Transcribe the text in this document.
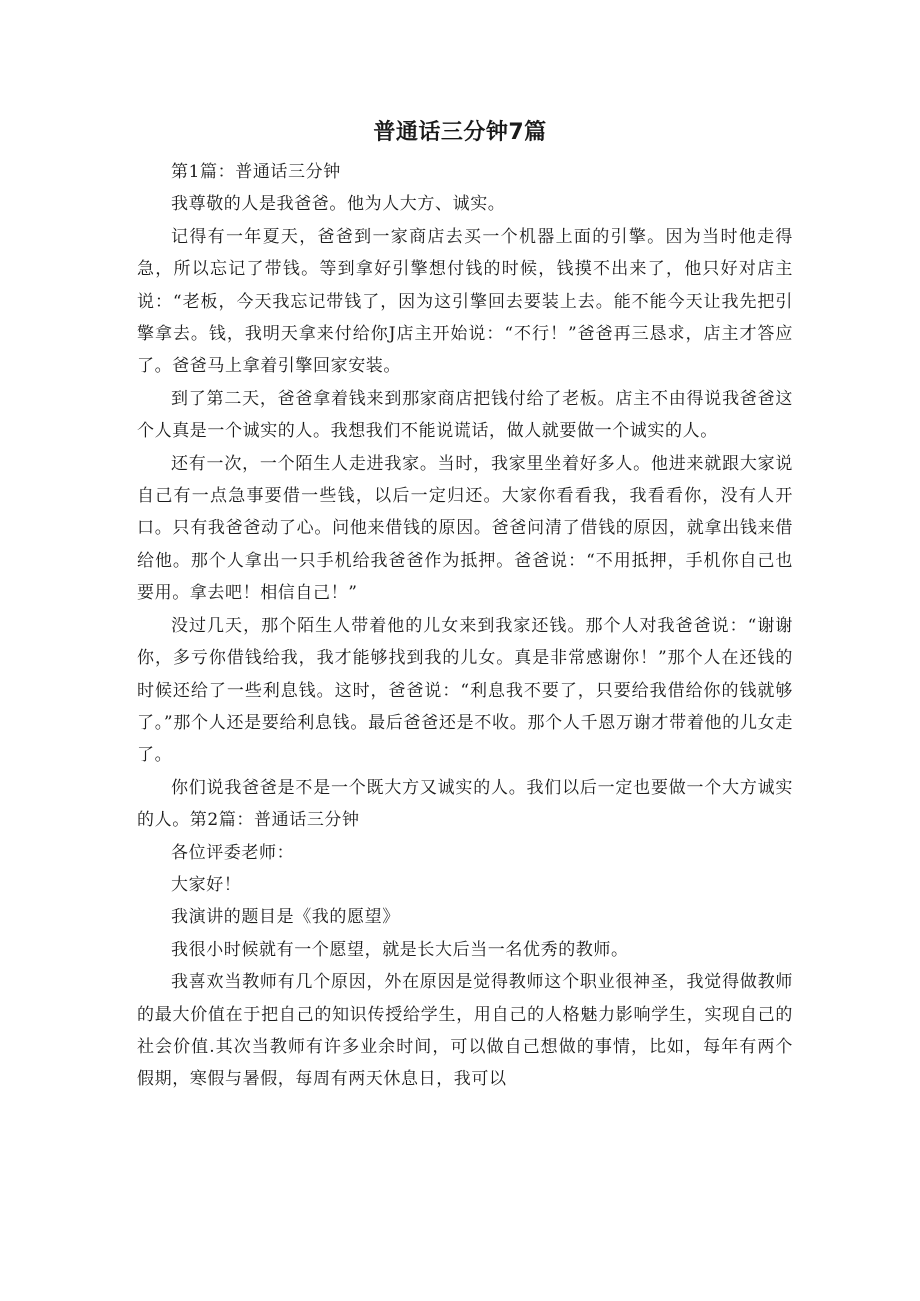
普通话三分钟7篇

第1篇：普通话三分钟

我尊敬的人是我爸爸。他为人大方、诚实。

记得有一年夏天，爸爸到一家商店去买一个机器上面的引擎。因为当时他走得急，所以忘记了带钱。等到拿好引擎想付钱的时候，钱摸不出来了，他只好对店主说：“老板，今天我忘记带钱了，因为这引擎回去要装上去。能不能今天让我先把引擎拿去。钱，我明天拿来付给你J店主开始说：“不行！”爸爸再三恳求，店主才答应了。爸爸马上拿着引擎回家安装。

到了第二天，爸爸拿着钱来到那家商店把钱付给了老板。店主不由得说我爸爸这个人真是一个诚实的人。我想我们不能说谎话，做人就要做一个诚实的人。

还有一次，一个陌生人走进我家。当时，我家里坐着好多人。他进来就跟大家说自己有一点急事要借一些钱，以后一定归还。大家你看看我，我看看你，没有人开口。只有我爸爸动了心。问他来借钱的原因。爸爸问清了借钱的原因，就拿出钱来借给他。那个人拿出一只手机给我爸爸作为抵押。爸爸说：“不用抵押，手机你自己也要用。拿去吧！相信自己！”

没过几天，那个陌生人带着他的儿女来到我家还钱。那个人对我爸爸说：“谢谢你，多亏你借钱给我，我才能够找到我的儿女。真是非常感谢你！”那个人在还钱的时候还给了一些利息钱。这时，爸爸说：“利息我不要了，只要给我借给你的钱就够了。”那个人还是要给利息钱。最后爸爸还是不收。那个人千恩万谢才带着他的儿女走了。

你们说我爸爸是不是一个既大方又诚实的人。我们以后一定也要做一个大方诚实的人。第2篇：普通话三分钟

各位评委老师：

大家好！

我演讲的题目是《我的愿望》

我很小时候就有一个愿望，就是长大后当一名优秀的教师。

我喜欢当教师有几个原因，外在原因是觉得教师这个职业很神圣，我觉得做教师的最大价值在于把自己的知识传授给学生，用自己的人格魅力影响学生，实现自己的社会价值.其次当教师有许多业余时间，可以做自己想做的事情，比如，每年有两个假期，寒假与暑假，每周有两天休息日，我可以
